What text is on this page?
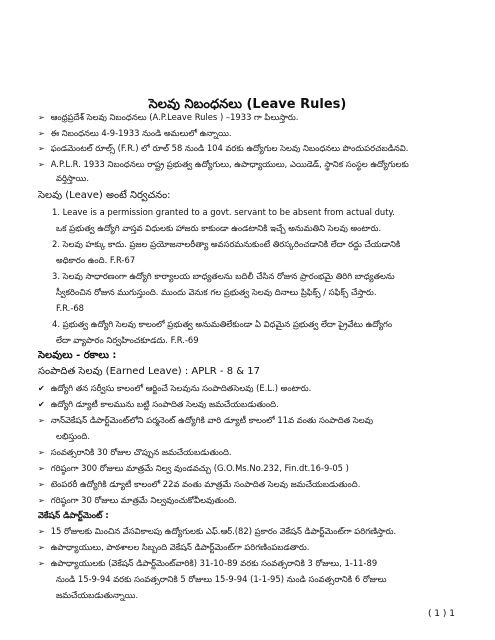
సెలవు నిబంధనలు (Leave Rules)
➢ ఆంధ్రప్రదేశ్ సెలవు నిబంధనలు (A.P.Leave Rules ) –1933 గా పిలుస్తారు.
➢ ఈ నిబంధనలు 4-9-1933 నుండి అమలులో ఉన్నాయి.
➢ ఫండమెంటల్ రూల్స్ (F.R.) లో రూల్ 58 నుండి 104 వరకు ఉద్యోగుల సెలవు నిబంధనలు పొందుపరచబడినవి.
➢ A.P.L.R. 1933 నిబంధనలు రాష్ట్ర ప్రభుత్వ ఉద్యోగులు, ఉపాధ్యాయులు, ఎయిడెడ్, స్థానిక సంస్థల ఉద్యోగులకు
వర్తిస్తాయి.
సెలవు (Leave) అంటే నిర్వచనం:
1. Leave is a permission granted to a govt. servant to be absent from actual duty.
ఒక ప్రభుత్వ ఉద్యోగి వాస్తవ విధులకు హాజరు కాకుండా ఉండటానికి ఇచ్చే అనుమతిని సెలవు అంటారు.
2. సెలవు హక్కు కాదు. ప్రజల ప్రయోజనాలరీత్యా అవసరమనుకుంటే తిరస్కరించడానికి లేదా రద్దు చేయడానికి
అధికారం ఉంది. F.R-67
3. సెలవు సాధారణంగా ఉద్యోగి కార్యాలయ బాధ్యతలను బదిలీ చేసిన రోజున ప్రారంభమై తిరిగి బాధ్యతలను
స్వీకరించిన రోజున ముగుస్తుంది. ముందు వెనుక గల ప్రభుత్వ సెలవు దినాలు ప్రిఫిక్స్ / సఫిక్స్ చేస్తారు.
F.R.-68
4. ప్రభుత్వ ఉద్యోగి సెలవు కాలంలో ప్రభుత్వ అనుమతిలేకుండా ఏ విధమైన ప్రభుత్వ లేదా ప్రైవేటు ఉద్యోగం
లేదా వ్యాపారం నిర్వహించకూడదు. F.R.-69
సెలవులు - రకాలు :
సంపాదిత సెలవు (Earned Leave) : APLR - 8 & 17
✔ ఉద్యోగి తన సర్వీసు కాలంలో ఆర్జించే సెలవును సంపాదితసెలవు (E.L.) అంటారు.
✔ ఉద్యోగి డ్యూటీ కాలమును బట్టి సంపాదిత సెలవు జమచేయబడుతుంది.
➢ నాన్‌వెకేషన్ డిపార్ట్‌మెంట్‌లోని పర్మనెంట్ ఉద్యోగికి వారి డ్యూటీ కాలంలో 11వ వంతు సంపాదిత సెలవు
లభిస్తుంది.
➢ సంవత్సరానికి 30 రోజుల చొప్పున జమచేయబడుతుంది.
➢ గరిష్ఠంగా 300 రోజులు మాత్రమే నిల్వ వుండవచ్చు (G.O.Ms.No.232, Fin.dt.16-9-05 )
➢ టెంపరరీ ఉద్యోగికి డ్యూటీ కాలంలో 22వ వంతు మాత్రమే సంపాదిత సెలవు జమచేయబడుతుంది.
➢ గరిష్ఠంగా 30 రోజులు మాత్రమే నిల్వవుంచుకోవీలవుతుంది.
వెకేషన్ డిపార్ట్‌మెంట్ :
➢ 15 రోజులకు మించిన వేసవికాలపు ఉద్యోగులకు ఎఫ్.ఆర్.(82) ప్రకారం వెకేషన్ డిపార్ట్‌మెంట్‌గా పరిగణిస్తారు.
➢ ఉపాధ్యాయులు, పాఠశాలల సిబ్బంది వెకేషన్ డిపార్ట్‌మెంట్‌గా పరిగణింపబడతారు.
➢ ఉపాధ్యాయులకు (వెకేషన్ డిపార్ట్‌మెంట్‌వారికి) 31-10-89 వరకు సంవత్సరానికి 3 రోజులు, 1-11-89
నుండి 15-9-94 వరకు సంవత్సరానికి 5 రోజులు 15-9-94 (1-1-95) నుండి సంవత్సరానికి 6 రోజులు
జమచేయబడుతున్నాయి.
( 1 ) 1
